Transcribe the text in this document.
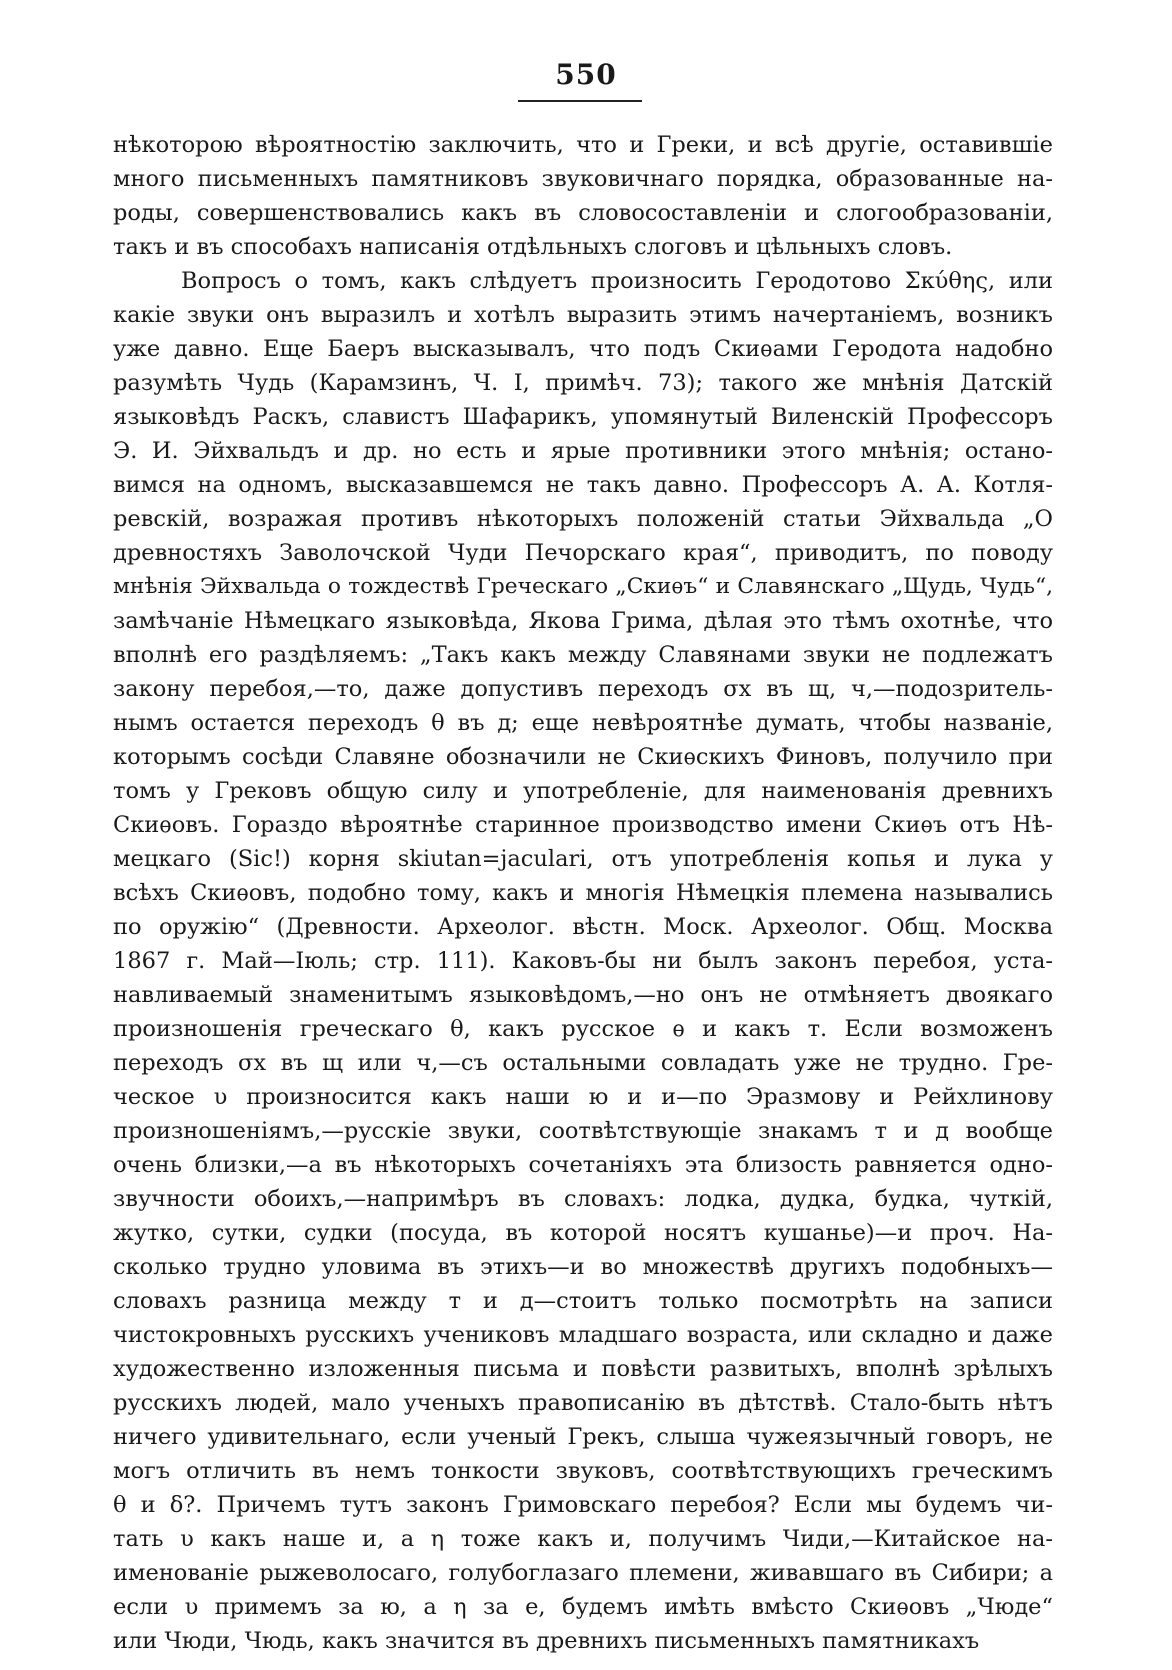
550
нѣкоторою вѣроятностію заключить, что и Греки, и всѣ другіе, оставившіе
много письменныхъ памятниковъ звуковичнаго порядка, образованные на-
роды, совершенствовались какъ въ словосоставленіи и слогообразованіи,
такъ и въ способахъ написанія отдѣльныхъ слоговъ и цѣльныхъ словъ.
Вопросъ о томъ, какъ слѣдуетъ произносить Геродотово Σκύθης, или
какіе звуки онъ выразилъ и хотѣлъ выразить этимъ начертаніемъ, возникъ
уже давно. Еще Баеръ высказывалъ, что подъ Скиѳами Геродота надобно
разумѣть Чудь (Карамзинъ, Ч. I, примѣч. 73); такого же мнѣнія Датскій
языковѣдъ Раскъ, славистъ Шафарикъ, упомянутый Виленскій Профессоръ
Э. И. Эйхвальдъ и др. но есть и ярые противники этого мнѣнія; остано-
вимся на одномъ, высказавшемся не такъ давно. Профессоръ А. А. Котля-
ревскій, возражая противъ нѣкоторыхъ положеній статьи Эйхвальда „О
древностяхъ Заволочской Чуди Печорскаго края“, приводитъ, по поводу
мнѣнія Эйхвальда о тождествѣ Греческаго „Скиѳъ“ и Славянскаго „Щудь, Чудь“,
замѣчаніе Нѣмецкаго языковѣда, Якова Грима, дѣлая это тѣмъ охотнѣе, что
вполнѣ его раздѣляемъ: „Такъ какъ между Славянами звуки не подлежатъ
закону перебоя,—то, даже допустивъ переходъ σх въ щ, ч,—подозритель-
нымъ остается переходъ θ въ д; еще невѣроятнѣе думать, чтобы названіе,
которымъ сосѣди Славяне обозначили не Скиѳскихъ Финовъ, получило при
томъ у Грековъ общую силу и употребленіе, для наименованія древнихъ
Скиѳовъ. Гораздо вѣроятнѣе старинное производство имени Скиѳъ отъ Нѣ-
мецкаго (Sic!) корня skiutan=jaculari, отъ употребленія копья и лука у
всѣхъ Скиѳовъ, подобно тому, какъ и многія Нѣмецкія племена назывались
по оружію“ (Древности. Археолог. вѣстн. Моск. Археолог. Общ. Москва
1867 г. Май—Іюль; стр. 111). Каковъ-бы ни былъ законъ перебоя, уста-
навливаемый знаменитымъ языковѣдомъ,—но онъ не отмѣняетъ двоякаго
произношенія греческаго θ, какъ русское ѳ и какъ т. Если возможенъ
переходъ σх въ щ или ч,—съ остальными совладать уже не трудно. Гре-
ческое υ произносится какъ наши ю и и—по Эразмову и Рейхлинову
произношеніямъ,—русскіе звуки, соотвѣтствующіе знакамъ т и д вообще
очень близки,—а въ нѣкоторыхъ сочетаніяхъ эта близость равняется одно-
звучности обоихъ,—напримѣръ въ словахъ: лодка, дудка, будка, чуткій,
жутко, сутки, судки (посуда, въ которой носятъ кушанье)—и проч. На-
сколько трудно уловима въ этихъ—и во множествѣ другихъ подобныхъ—
словахъ разница между т и д—стоитъ только посмотрѣть на записи
чистокровныхъ русскихъ учениковъ младшаго возраста, или складно и даже
художественно изложенныя письма и повѣсти развитыхъ, вполнѣ зрѣлыхъ
русскихъ людей, мало ученыхъ правописанію въ дѣтствѣ. Стало-быть нѣтъ
ничего удивительнаго, если ученый Грекъ, слыша чужеязычный говоръ, не
могъ отличить въ немъ тонкости звуковъ, соотвѣтствующихъ греческимъ
θ и δ?. Причемъ тутъ законъ Гримовскаго перебоя? Если мы будемъ чи-
тать υ какъ наше и, а η тоже какъ и, получимъ Чиди,—Китайское на-
именованіе рыжеволосаго, голубоглазаго племени, живавшаго въ Сибири; а
если υ примемъ за ю, а η за е, будемъ имѣть вмѣсто Скиѳовъ „Чюде“
или Чюди, Чюдь, какъ значится въ древнихъ письменныхъ памятникахъ
